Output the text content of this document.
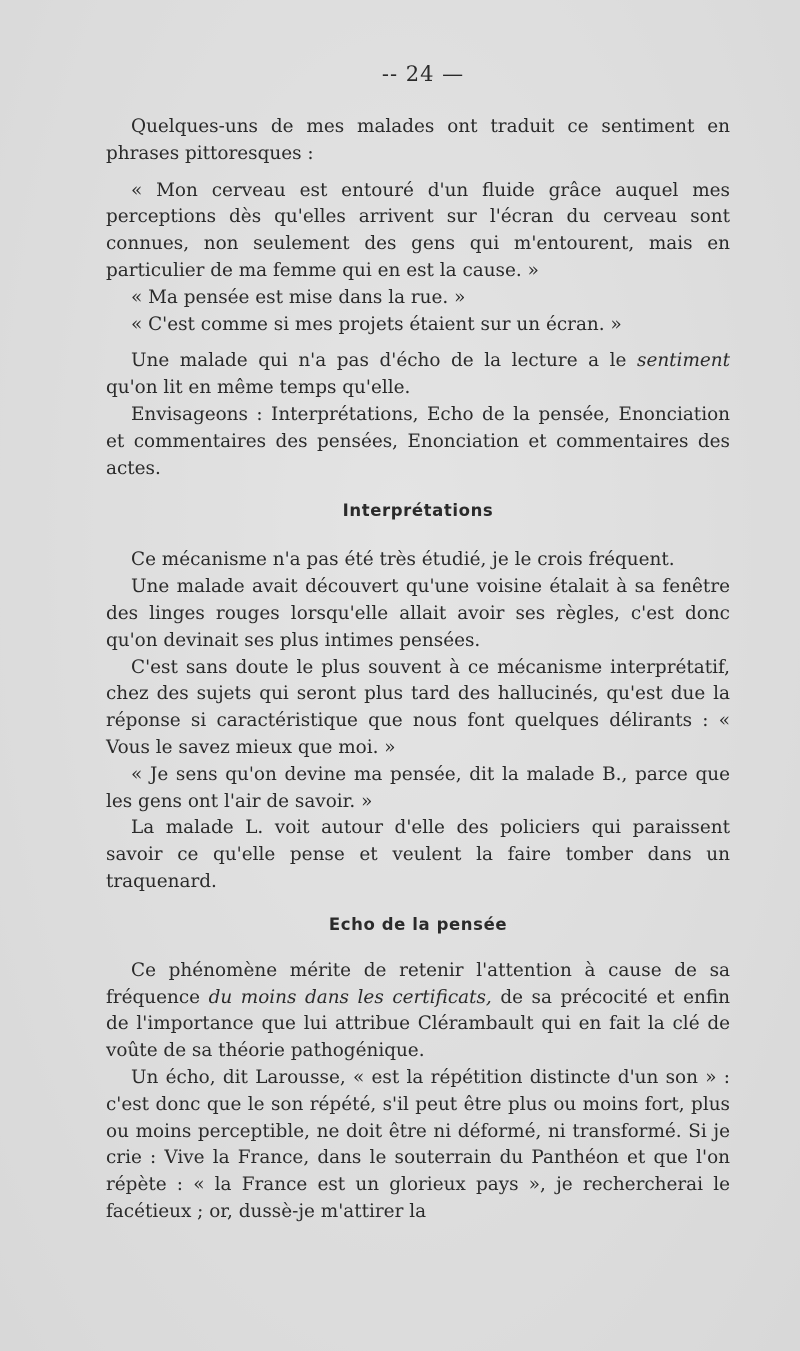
-- 24 —

Quelques-uns de mes malades ont traduit ce sentiment en phrases pittoresques :

« Mon cerveau est entouré d'un fluide grâce auquel mes perceptions dès qu'elles arrivent sur l'écran du cerveau sont connues, non seulement des gens qui m'entourent, mais en particulier de ma femme qui en est la cause. »

« Ma pensée est mise dans la rue. »

« C'est comme si mes projets étaient sur un écran. »

Une malade qui n'a pas d'écho de la lecture a le sentiment qu'on lit en même temps qu'elle.

Envisageons : Interprétations, Echo de la pensée, Enonciation et commentaires des pensées, Enonciation et commentaires des actes.

Interprétations

Ce mécanisme n'a pas été très étudié, je le crois fréquent.

Une malade avait découvert qu'une voisine étalait à sa fenêtre des linges rouges lorsqu'elle allait avoir ses règles, c'est donc qu'on devinait ses plus intimes pensées.

C'est sans doute le plus souvent à ce mécanisme interprétatif, chez des sujets qui seront plus tard des hallucinés, qu'est due la réponse si caractéristique que nous font quelques délirants : « Vous le savez mieux que moi. »

« Je sens qu'on devine ma pensée, dit la malade B., parce que les gens ont l'air de savoir. »

La malade L. voit autour d'elle des policiers qui paraissent savoir ce qu'elle pense et veulent la faire tomber dans un traquenard.

Echo de la pensée

Ce phénomène mérite de retenir l'attention à cause de sa fréquence du moins dans les certificats, de sa précocité et enfin de l'importance que lui attribue Clérambault qui en fait la clé de voûte de sa théorie pathogénique.

Un écho, dit Larousse, « est la répétition distincte d'un son » : c'est donc que le son répété, s'il peut être plus ou moins fort, plus ou moins perceptible, ne doit être ni déformé, ni transformé. Si je crie : Vive la France, dans le souterrain du Panthéon et que l'on répète : « la France est un glorieux pays », je rechercherai le facétieux ; or, dussè-je m'attirer la
